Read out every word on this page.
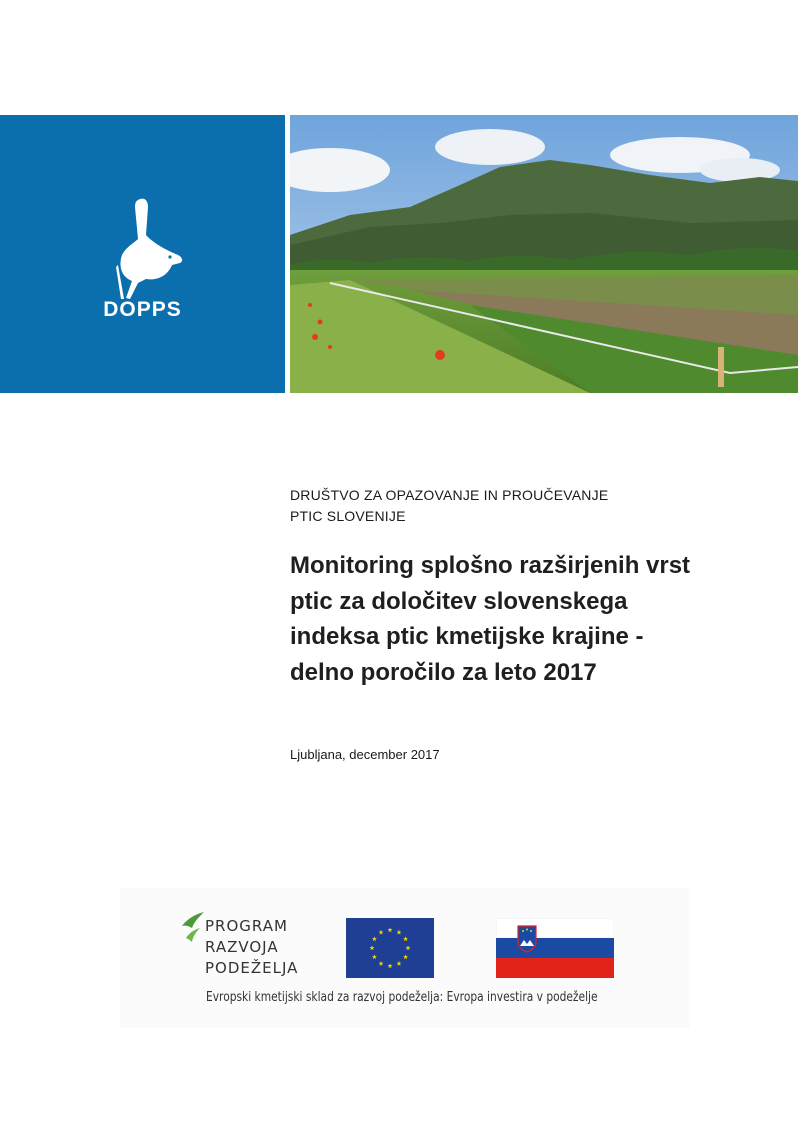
DOPPS
DRUŠTVO ZA OPAZOVANJE IN PROUČEVANJE
PTIC SLOVENIJE
Monitoring splošno razširjenih vrst
ptic za določitev slovenskega
indeksa ptic kmetijske krajine -
delno poročilo za leto 2017
Ljubljana, december 2017
PROGRAM
RAZVOJA
PODEŽELJA
Evropski kmetijski sklad za razvoj podeželja: Evropa investira v podeželje
